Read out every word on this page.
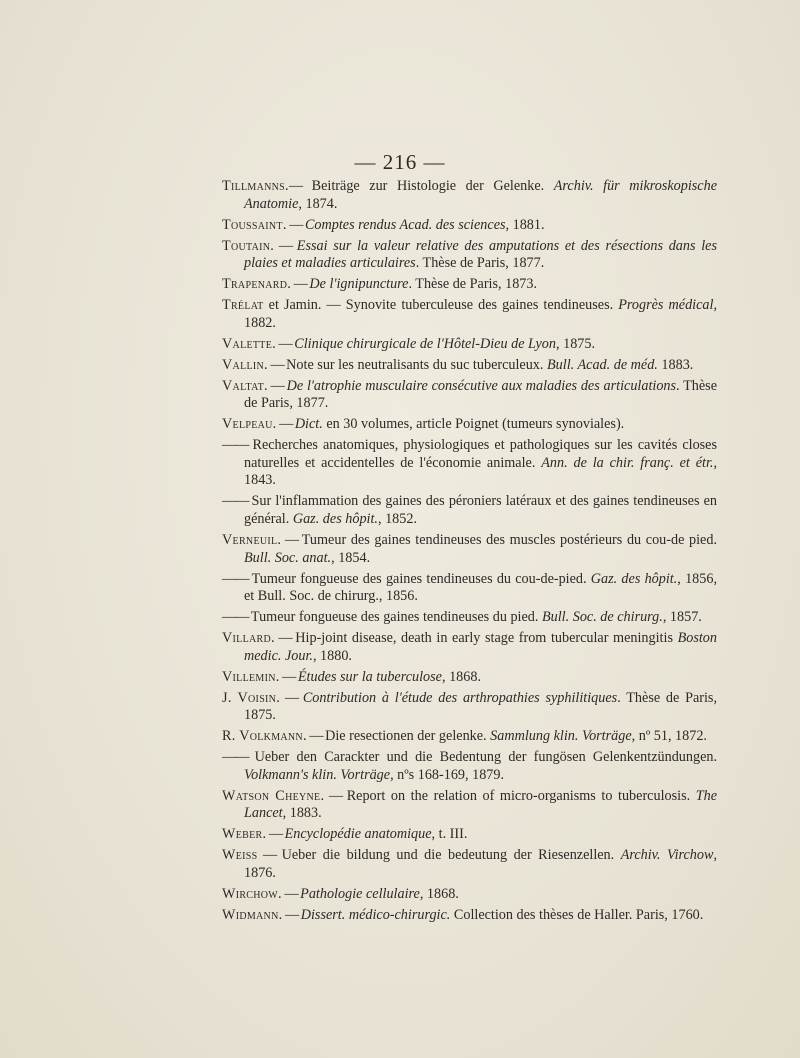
— 216 —
Tillmanns.— Beiträge zur Histologie der Gelenke. Archiv. für mikroskopische Anatomie, 1874.
Toussaint. — Comptes rendus Acad. des sciences, 1881.
Toutain. — Essai sur la valeur relative des amputations et des résections dans les plaies et maladies articulaires. Thèse de Paris, 1877.
Trapenard. — De l'ignipuncture. Thèse de Paris, 1873.
Trélat et Jamin. — Synovite tuberculeuse des gaines tendineuses. Progrès médical, 1882.
Valette. — Clinique chirurgicale de l'Hôtel-Dieu de Lyon, 1875.
Vallin. — Note sur les neutralisants du suc tuberculeux. Bull. Acad. de méd. 1883.
Valtat. — De l'atrophie musculaire consécutive aux maladies des articulations. Thèse de Paris, 1877.
Velpeau. — Dict. en 30 volumes, article Poignet (tumeurs synoviales).
—— Recherches anatomiques, physiologiques et pathologiques sur les cavités closes naturelles et accidentelles de l'économie animale. Ann. de la chir. franç. et étr., 1843.
—— Sur l'inflammation des gaines des péroniers latéraux et des gaines tendineuses en général. Gaz. des hôpit., 1852.
Verneuil. — Tumeur des gaines tendineuses des muscles postérieurs du cou-de pied. Bull. Soc. anat., 1854.
—— Tumeur fongueuse des gaines tendineuses du cou-de-pied. Gaz. des hôpit., 1856, et Bull. Soc. de chirurg., 1856.
—— Tumeur fongueuse des gaines tendineuses du pied. Bull. Soc. de chirurg., 1857.
Villard. — Hip-joint disease, death in early stage from tubercular meningitis Boston medic. Jour., 1880.
Villemin. — Études sur la tuberculose, 1868.
J. Voisin. — Contribution à l'étude des arthropathies syphilitiques. Thèse de Paris, 1875.
R. Volkmann. — Die resectionen der gelenke. Sammlung klin. Vorträge, nº 51, 1872.
—— Ueber den Carackter und die Bedentung der fungösen Gelenkentzündungen. Volkmann's klin. Vorträge, nºs 168-169, 1879.
Watson Cheyne. — Report on the relation of micro-organisms to tuberculosis. The Lancet, 1883.
Weber. — Encyclopédie anatomique, t. III.
Weiss — Ueber die bildung und die bedeutung der Riesenzellen. Archiv. Virchow, 1876.
Wirchow. — Pathologie cellulaire, 1868.
Widmann. — Dissert. médico-chirurgic. Collection des thèses de Haller. Paris, 1760.
